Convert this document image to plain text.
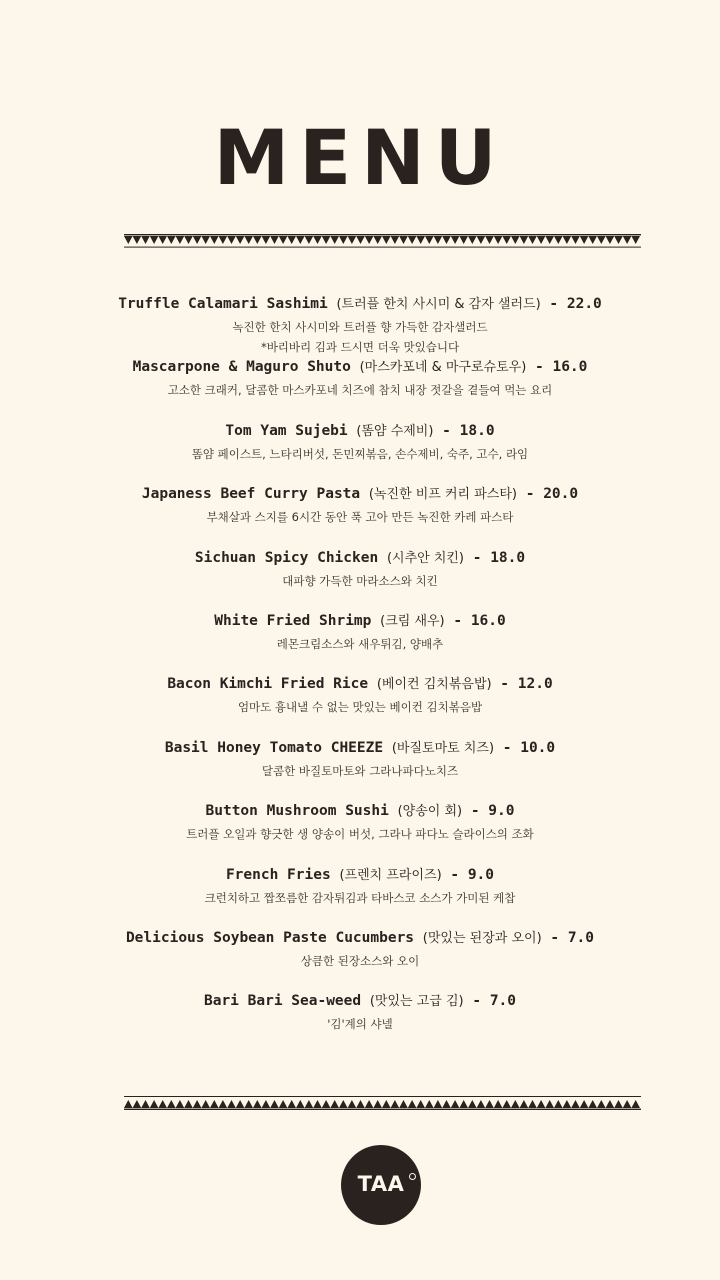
MENU
Truffle Calamari Sashimi (트러플 한치 사시미 & 감자 샐러드) - 22.0
녹진한 한치 사시미와 트러플 향 가득한 감자샐러드
*바리바리 김과 드시면 더욱 맛있습니다
Mascarpone & Maguro Shuto (마스카포네 & 마구로슈토우) - 16.0
고소한 크래커, 달콤한 마스카포네 치즈에 참치 내장 젓갈을 곁들여 먹는 요리
Tom Yam Sujebi (똠얌 수제비) - 18.0
똠얌 페이스트, 느타리버섯, 돈민찌볶음, 손수제비, 숙주, 고수, 라임
Japaness Beef Curry Pasta (녹진한 비프 커리 파스타) - 20.0
부채살과 스지를 6시간 동안 푹 고아 만든 녹진한 카레 파스타
Sichuan Spicy Chicken (시추안 치킨) - 18.0
대파향 가득한 마라소스와 치킨
White Fried Shrimp (크림 새우) - 16.0
레몬크림소스와 새우튀김, 양배추
Bacon Kimchi Fried Rice (베이컨 김치볶음밥) - 12.0
엄마도 흉내낼 수 없는 맛있는 베이컨 김치볶음밥
Basil Honey Tomato CHEEZE (바질토마토 치즈) - 10.0
달콤한 바질토마토와 그라나파다노치즈
Button Mushroom Sushi (양송이 회) - 9.0
트러플 오일과 향긋한 생 양송이 버섯, 그라나 파다노 슬라이스의 조화
French Fries (프렌치 프라이즈) - 9.0
크런치하고 짭쪼름한 감자튀김과 타바스코 소스가 가미된 케찹
Delicious Soybean Paste Cucumbers (맛있는 된장과 오이) - 7.0
상큼한 된장소스와 오이
Bari Bari Sea-weed (맛있는 고급 김) - 7.0
'김'계의 샤넬
TAA
